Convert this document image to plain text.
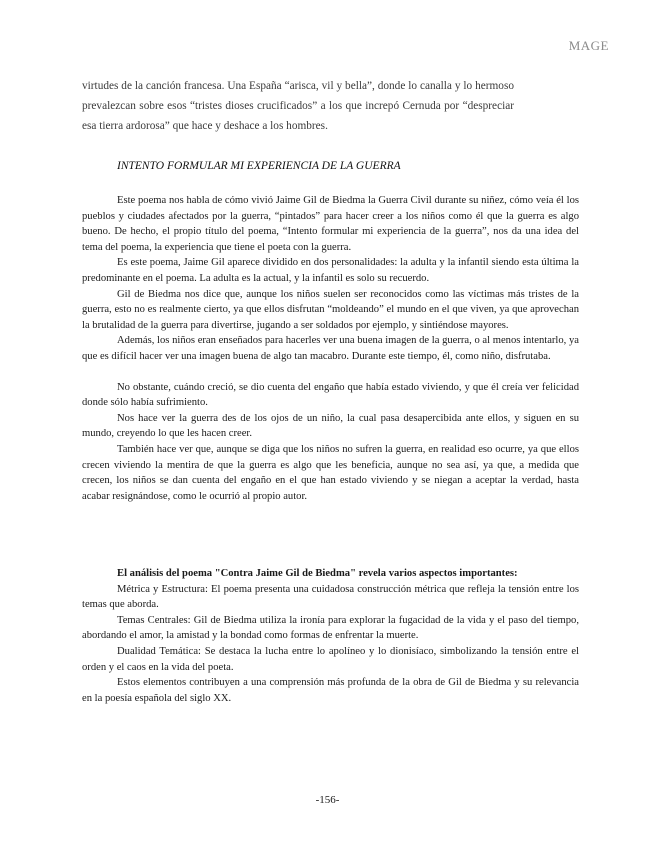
MAGE
virtudes de la canción francesa. Una España “arisca, vil y bella”, donde lo canalla y lo hermoso prevalezcan sobre esos “tristes dioses crucificados” a los que increpó Cernuda por “despreciar esa tierra ardorosa” que hace y deshace a los hombres.
INTENTO FORMULAR MI EXPERIENCIA DE LA GUERRA

Este poema nos habla de cómo vivió Jaime Gil de Biedma la Guerra Civil durante su niñez, cómo veía él los pueblos y ciudades afectados por la guerra, “pintados” para hacer creer a los niños como él que la guerra es algo bueno. De hecho, el propio título del poema, “Intento formular mi experiencia de la guerra”, nos da una idea del tema del poema, la experiencia que tiene el poeta con la guerra.

Es este poema, Jaime Gil aparece dividido en dos personalidades: la adulta y la infantil siendo esta última la predominante en el poema. La adulta es la actual, y la infantil es solo su recuerdo.

Gil de Biedma nos dice que, aunque los niños suelen ser reconocidos como las víctimas más tristes de la guerra, esto no es realmente cierto, ya que ellos disfrutan “moldeando” el mundo en el que viven, ya que aprovechan la brutalidad de la guerra para divertirse, jugando a ser soldados por ejemplo, y sintiéndose mayores.

Además, los niños eran enseñados para hacerles ver una buena imagen de la guerra, o al menos intentarlo, ya que es difícil hacer ver una imagen buena de algo tan macabro. Durante este tiempo, él, como niño, disfrutaba.

No obstante, cuándo creció, se dio cuenta del engaño que había estado viviendo, y que él creía ver felicidad donde sólo había sufrimiento.

Nos hace ver la guerra des de los ojos de un niño, la cual pasa desapercibida ante ellos, y siguen en su mundo, creyendo lo que les hacen creer.

También hace ver que, aunque se diga que los niños no sufren la guerra, en realidad eso ocurre, ya que ellos crecen viviendo la mentira de que la guerra es algo que les beneficia, aunque no sea así, ya que, a medida que crecen, los niños se dan cuenta del engaño en el que han estado viviendo y se niegan a aceptar la verdad, hasta acabar resignándose, como le ocurrió al propio autor.

El análisis del poema "Contra Jaime Gil de Biedma" revela varios aspectos importantes:

Métrica y Estructura: El poema presenta una cuidadosa construcción métrica que refleja la tensión entre los temas que aborda.

Temas Centrales: Gil de Biedma utiliza la ironía para explorar la fugacidad de la vida y el paso del tiempo, abordando el amor, la amistad y la bondad como formas de enfrentar la muerte.

Dualidad Temática: Se destaca la lucha entre lo apolíneo y lo dionisíaco, simbolizando la tensión entre el orden y el caos en la vida del poeta.

Estos elementos contribuyen a una comprensión más profunda de la obra de Gil de Biedma y su relevancia en la poesía española del siglo XX.

-156-
